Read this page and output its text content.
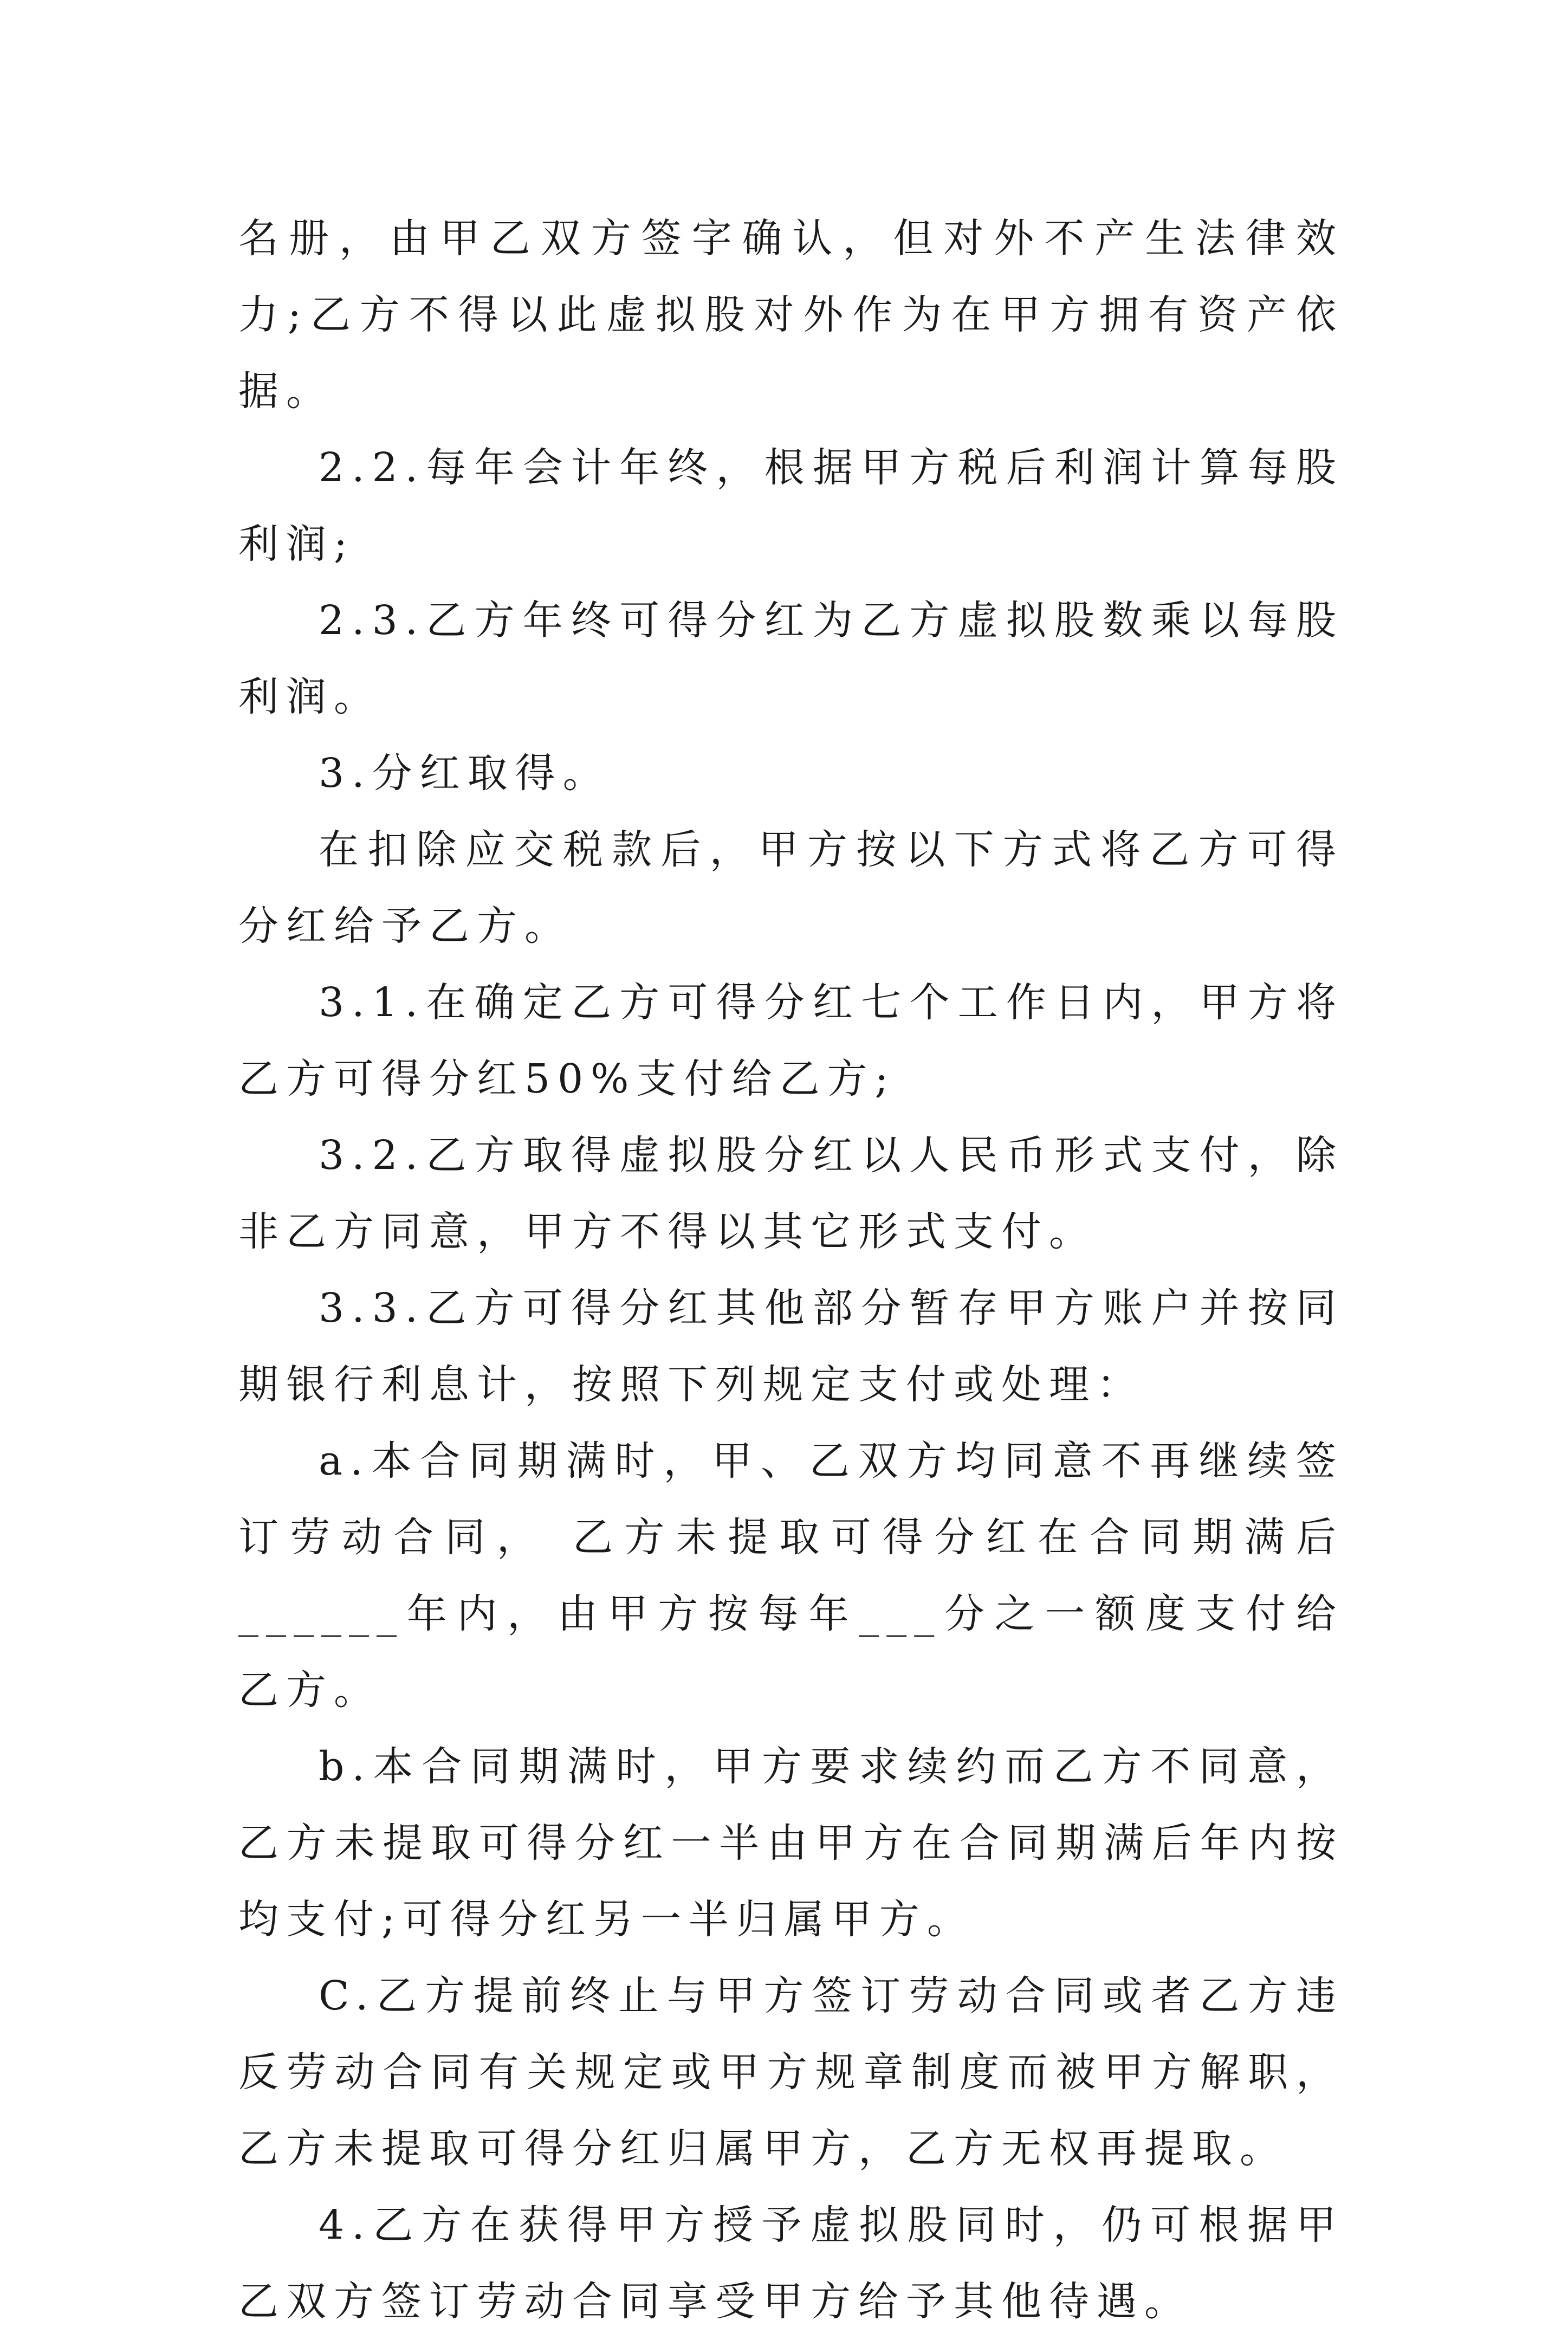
名册，由甲乙双方签字确认，但对外不产生法律效力;乙方不得以此虚拟股对外作为在甲方拥有资产依据。

2.2.每年会计年终，根据甲方税后利润计算每股利润;

2.3.乙方年终可得分红为乙方虚拟股数乘以每股利润。

3.分红取得。

在扣除应交税款后，甲方按以下方式将乙方可得分红给予乙方。

3.1.在确定乙方可得分红七个工作日内，甲方将乙方可得分红50%支付给乙方;

3.2.乙方取得虚拟股分红以人民币形式支付，除非乙方同意，甲方不得以其它形式支付。

3.3.乙方可得分红其他部分暂存甲方账户并按同期银行利息计，按照下列规定支付或处理：

a.本合同期满时，甲、乙双方均同意不再继续签订劳动合同， 乙方未提取可得分红在合同期满后______年内，由甲方按每年___分之一额度支付给乙方。

b.本合同期满时，甲方要求续约而乙方不同意，乙方未提取可得分红一半由甲方在合同期满后年内按均支付;可得分红另一半归属甲方。

C.乙方提前终止与甲方签订劳动合同或者乙方违反劳动合同有关规定或甲方规章制度而被甲方解职，乙方未提取可得分红归属甲方，乙方无权再提取。

4.乙方在获得甲方授予虚拟股同时，仍可根据甲乙双方签订劳动合同享受甲方给予其他待遇。
